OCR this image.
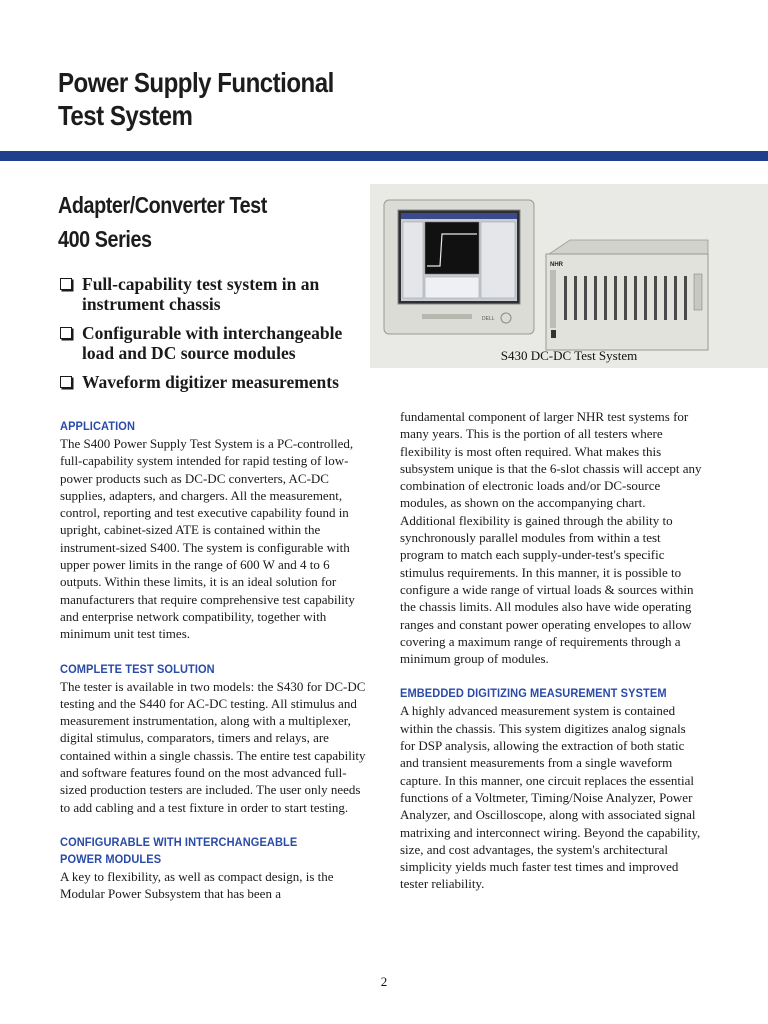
Power Supply Functional
Test System
Adapter/Converter Test
400 Series
Full-capability test system in an instrument chassis
Configurable with interchangeable load and DC source modules
Waveform digitizer measurements
DELL
NHR
S430 DC-DC Test System
APPLICATION

The S400 Power Supply Test System is a PC-controlled, full-capability system intended for rapid testing of low-power products such as DC-DC converters, AC-DC supplies, adapters, and chargers. All the measurement, control, reporting and test executive capability found in upright, cabinet-sized ATE is contained within the instrument-sized S400. The system is configurable with upper power limits in the range of 600 W and 4 to 6 outputs. Within these limits, it is an ideal solution for manufacturers that require comprehensive test capability and enterprise network compatibility, together with minimum unit test times.

COMPLETE TEST SOLUTION

The tester is available in two models: the S430 for DC-DC testing and the S440 for AC-DC testing. All stimulus and measurement instrumentation, along with a multiplexer, digital stimulus, comparators, timers and relays, are contained within a single chassis. The entire test capability and software features found on the most advanced full-sized production testers are included. The user only needs to add cabling and a test fixture in order to start testing.

CONFIGURABLE WITH INTERCHANGEABLE POWER MODULES

A key to flexibility, as well as compact design, is the Modular Power Subsystem that has been a

fundamental component of larger NHR test systems for many years. This is the portion of all testers where flexibility is most often required. What makes this subsystem unique is that the 6-slot chassis will accept any combination of electronic loads and/or DC-source modules, as shown on the accompanying chart. Additional flexibility is gained through the ability to synchronously parallel modules from within a test program to match each supply-under-test's specific stimulus requirements. In this manner, it is possible to configure a wide range of virtual loads & sources within the chassis limits. All modules also have wide operating ranges and constant power operating envelopes to allow covering a maximum range of requirements through a minimum group of modules.

EMBEDDED DIGITIZING MEASUREMENT SYSTEM

A highly advanced measurement system is contained within the chassis. This system digitizes analog signals for DSP analysis, allowing the extraction of both static and transient measurements from a single waveform capture. In this manner, one circuit replaces the essential functions of a Voltmeter, Timing/Noise Analyzer, Power Analyzer, and Oscilloscope, along with associated signal matrixing and interconnect wiring. Beyond the capability, size, and cost advantages, the system's architectural simplicity yields much faster test times and improved tester reliability.

2
